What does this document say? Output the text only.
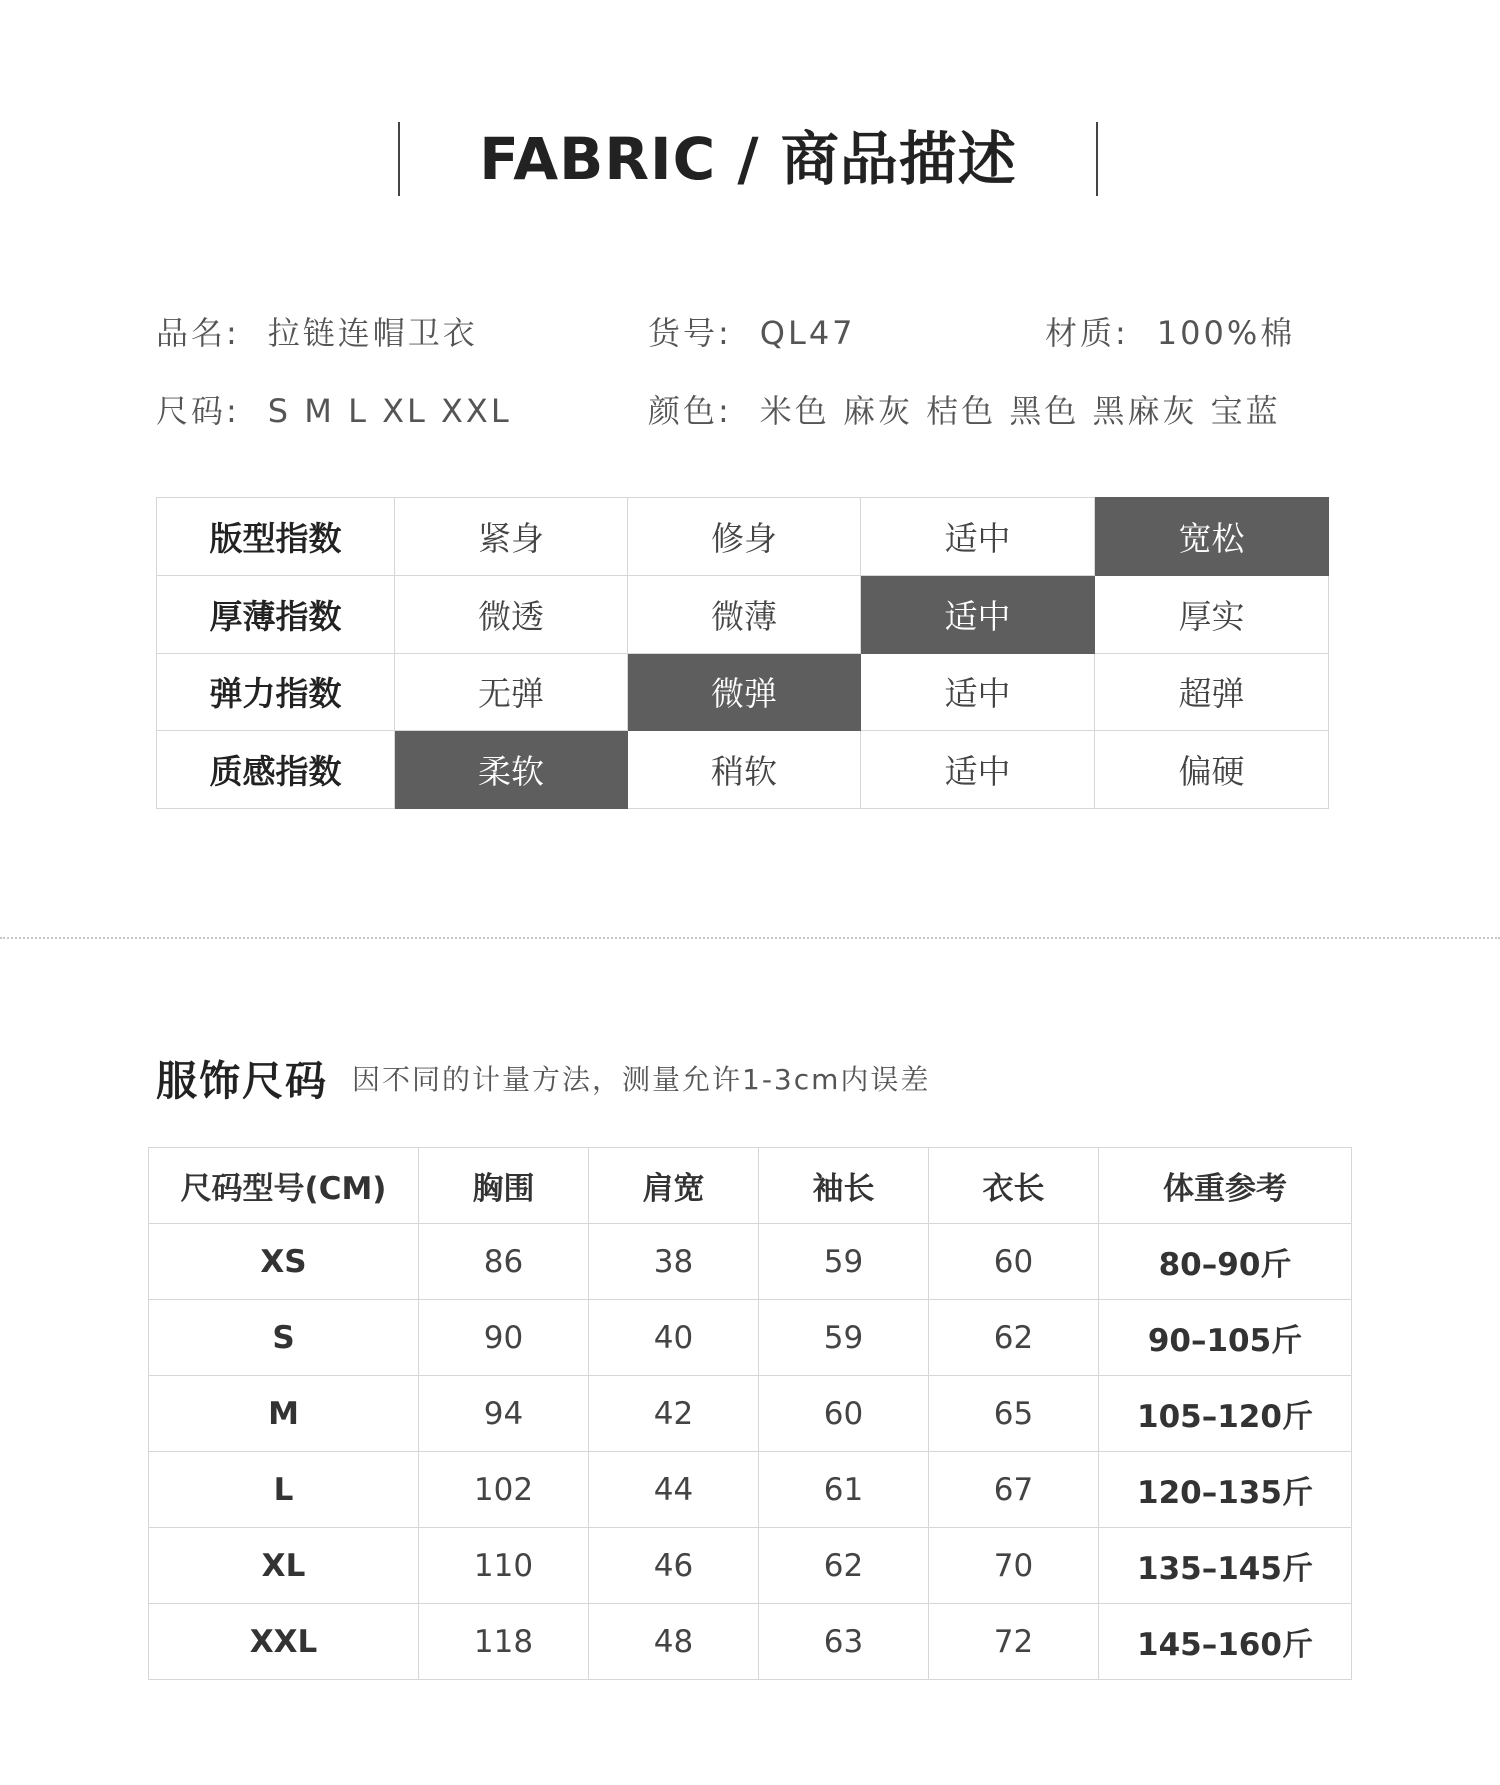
FABRIC / 商品描述
品名: 拉链连帽卫衣	货号: QL47	材质: 100%棉
尺码: S M L XL XXL	颜色: 米色 麻灰 桔色 黑色 黑麻灰 宝蓝
版型指数	紧身	修身	适中	宽松
厚薄指数	微透	微薄	适中	厚实
弹力指数	无弹	微弹	适中	超弹
质感指数	柔软	稍软	适中	偏硬
服饰尺码 因不同的计量方法，测量允许1-3cm内误差
尺码型号(CM)	胸围	肩宽	袖长	衣长	体重参考
XS	86	38	59	60	80–90斤
S	90	40	59	62	90–105斤
M	94	42	60	65	105–120斤
L	102	44	61	67	120–135斤
XL	110	46	62	70	135–145斤
XXL	118	48	63	72	145–160斤
